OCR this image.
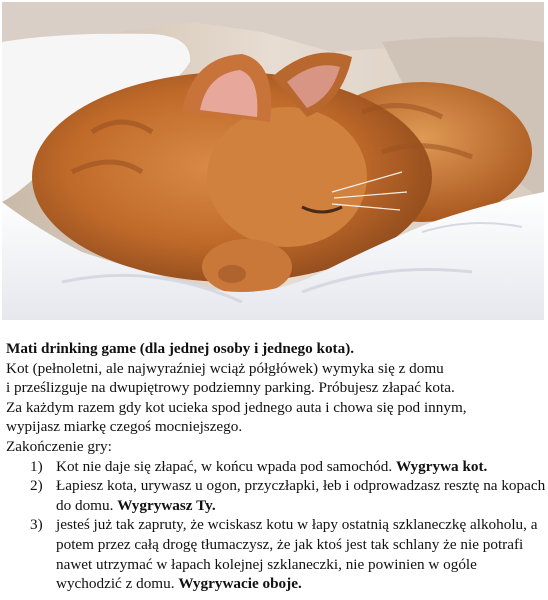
Mati drinking game (dla jednej osoby i jednego kota).

Kot (pełnoletni, ale najwyraźniej wciąż półgłówek) wymyka się z domu

i prześlizguje na dwupiętrowy podziemny parking. Próbujesz złapać kota.

Za każdym razem gdy kot ucieka spod jednego auta i chowa się pod innym,

wypijasz miarkę czegoś mocniejszego.

Zakończenie gry:

1) Kot nie daje się złapać, w końcu wpada pod samochód. Wygrywa kot.
2) Łapiesz kota, urywasz u ogon, przyczłapki, łeb i odprowadzasz resztę na kopach do domu. Wygrywasz Ty.
3) jesteś już tak zapruty, że wciskasz kotu w łapy ostatnią szklaneczkę alkoholu, a potem przez całą drogę tłumaczysz, że jak ktoś jest tak schlany że nie potrafi nawet utrzymać w łapach kolejnej szklaneczki, nie powinien w ogóle wychodzić z domu. Wygrywacie oboje.
